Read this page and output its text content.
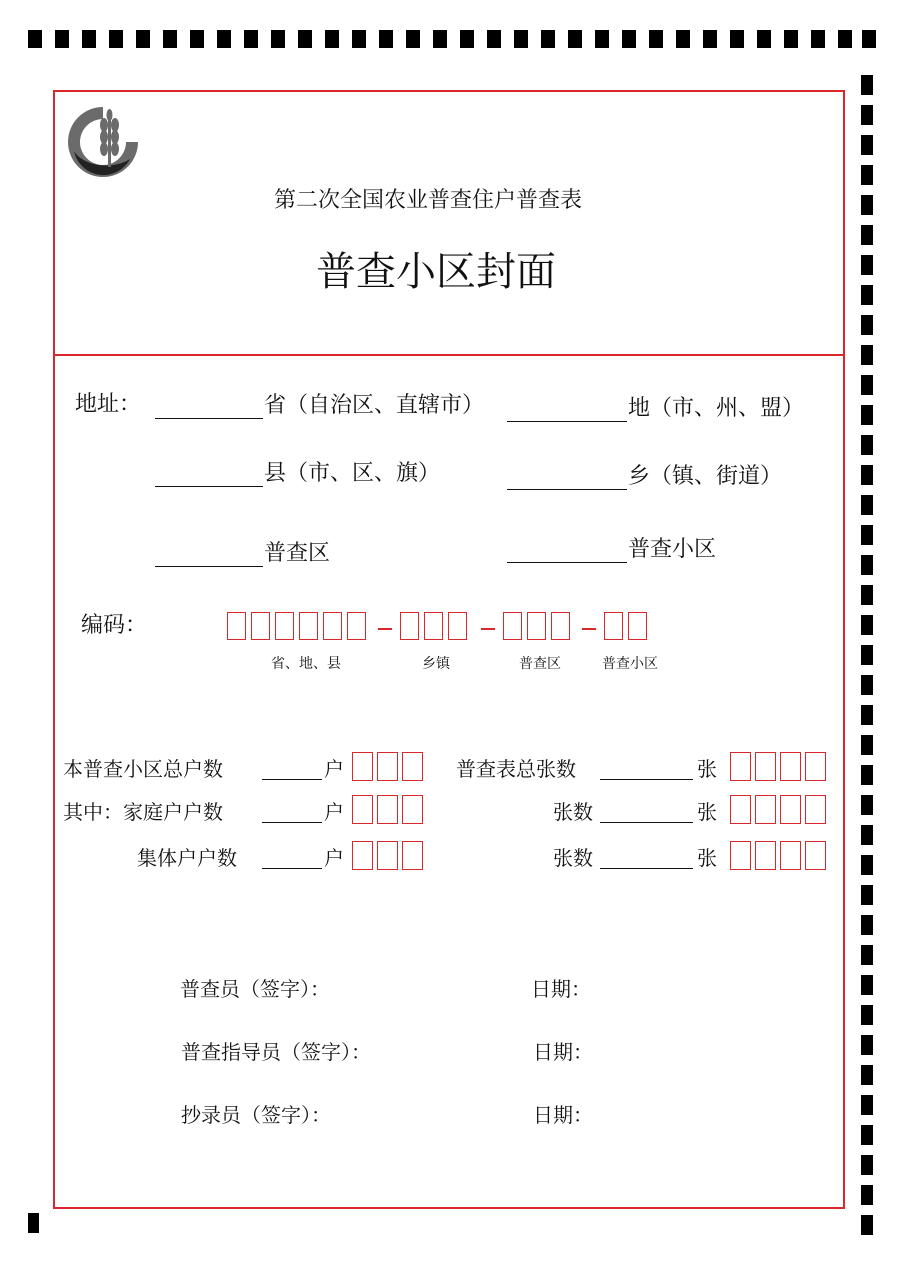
第二次全国农业普查住户普查表
普查小区封面
地址：	省（自治区、直辖市）	地（市、州、盟）
县（市、区、旗）	乡（镇、街道）
普查区	普查小区
编码：
省、地、县	乡镇	普查区	普查小区
本普查小区总户数	户	普查表总张数	张
其中：家庭户户数	户	张数	张
集体户户数	户	张数	张
普查员（签字）：	日期：
普查指导员（签字）：	日期：
抄录员（签字）：	日期：
